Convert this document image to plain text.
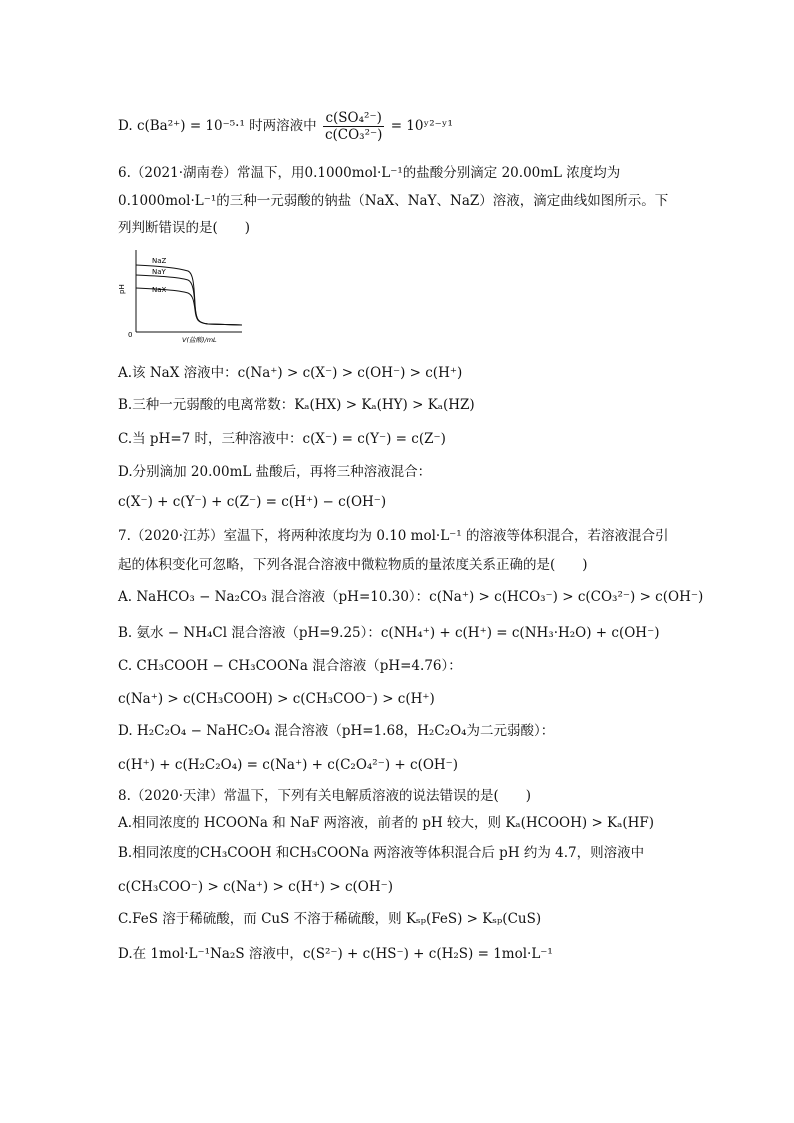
D. c(Ba²⁺) = 10⁻⁵·¹ 时两溶液中 $\frac{\text{c(SO₄²⁻)}}{\text{c(CO₃²⁻)}}$ = 10ʸ²⁻ʸ¹
6.（2021·湖南卷）常温下，用0.1000mol·L⁻¹的盐酸分别滴定 20.00mL 浓度均为
0.1000mol·L⁻¹的三种一元弱酸的钠盐（NaX、NaY、NaZ）溶液，滴定曲线如图所示。下
列判断错误的是(　　)
pH
0
V(盐酸)/mL
NaZ
NaY
NaX
A.该 NaX 溶液中：c(Na⁺) > c(X⁻) > c(OH⁻) > c(H⁺)
B.三种一元弱酸的电离常数：Kₐ(HX) > Kₐ(HY) > Kₐ(HZ)
C.当 pH=7 时，三种溶液中：c(X⁻) = c(Y⁻) = c(Z⁻)
D.分别滴加 20.00mL 盐酸后，再将三种溶液混合：
c(X⁻) + c(Y⁻) + c(Z⁻) = c(H⁺) − c(OH⁻)
7.（2020·江苏）室温下，将两种浓度均为 0.10 mol·L⁻¹ 的溶液等体积混合，若溶液混合引
起的体积变化可忽略，下列各混合溶液中微粒物质的量浓度关系正确的是(　　)
A. NaHCO₃ − Na₂CO₃ 混合溶液（pH=10.30）：c(Na⁺) > c(HCO₃⁻) > c(CO₃²⁻) > c(OH⁻)
B. 氨水 − NH₄Cl 混合溶液（pH=9.25）：c(NH₄⁺) + c(H⁺) = c(NH₃·H₂O) + c(OH⁻)
C. CH₃COOH − CH₃COONa 混合溶液（pH=4.76）：
c(Na⁺) > c(CH₃COOH) > c(CH₃COO⁻) > c(H⁺)
D. H₂C₂O₄ − NaHC₂O₄ 混合溶液（pH=1.68，H₂C₂O₄为二元弱酸）：
c(H⁺) + c(H₂C₂O₄) = c(Na⁺) + c(C₂O₄²⁻) + c(OH⁻)
8.（2020·天津）常温下，下列有关电解质溶液的说法错误的是(　　)
A.相同浓度的 HCOONa 和 NaF 两溶液，前者的 pH 较大，则 Kₐ(HCOOH) > Kₐ(HF)
B.相同浓度的CH₃COOH 和CH₃COONa 两溶液等体积混合后 pH 约为 4.7，则溶液中
c(CH₃COO⁻) > c(Na⁺) > c(H⁺) > c(OH⁻)
C.FeS 溶于稀硫酸，而 CuS 不溶于稀硫酸，则 Kₛₚ(FeS) > Kₛₚ(CuS)
D.在 1mol·L⁻¹Na₂S 溶液中，c(S²⁻) + c(HS⁻) + c(H₂S) = 1mol·L⁻¹
